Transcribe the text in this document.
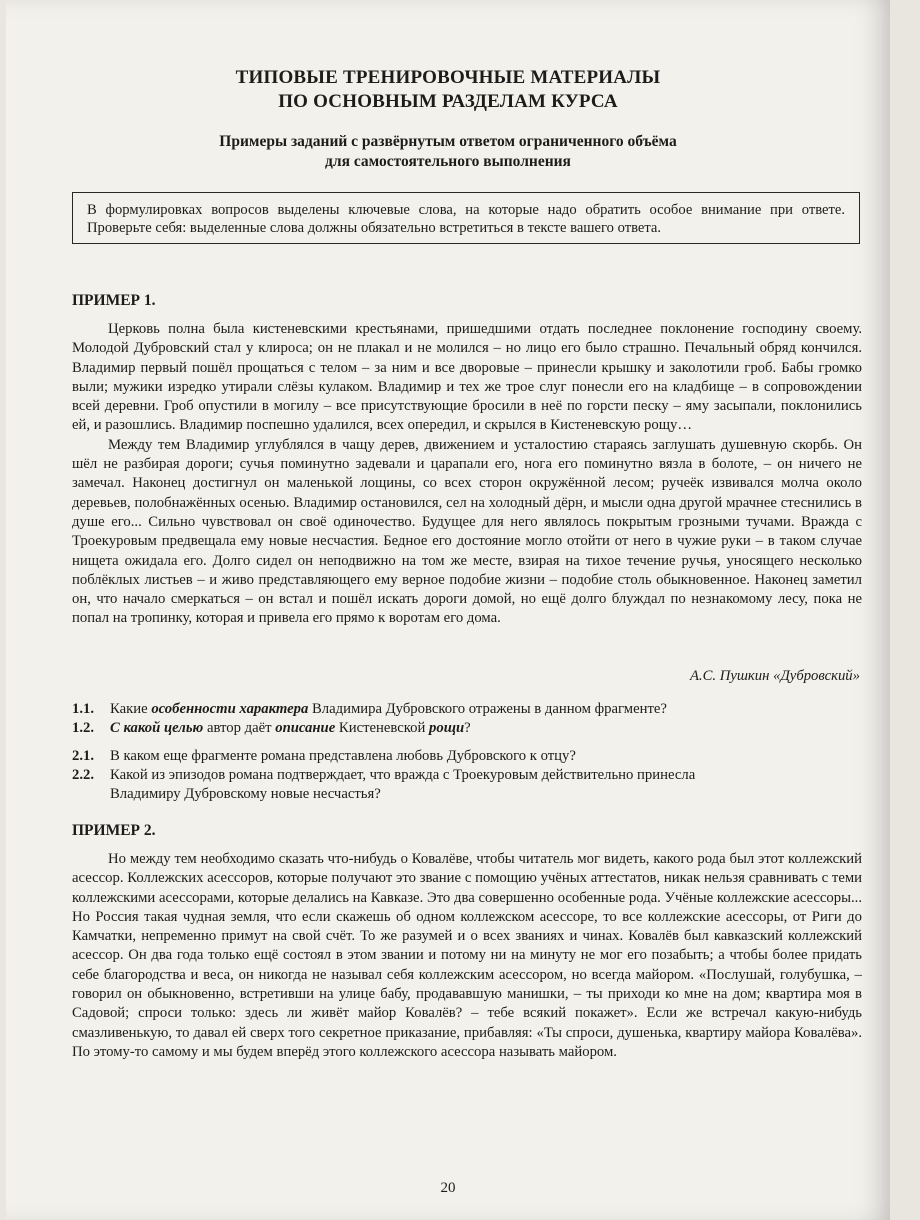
ТИПОВЫЕ ТРЕНИРОВОЧНЫЕ МАТЕРИАЛЫ
ПО ОСНОВНЫМ РАЗДЕЛАМ КУРСА
Примеры заданий с развёрнутым ответом ограниченного объёма
для самостоятельного выполнения
В формулировках вопросов выделены ключевые слова, на которые надо обратить особое внимание при ответе. Проверьте себя: выделенные слова должны обязательно встретиться в тексте вашего ответа.
ПРИМЕР 1.

Церковь полна была кистеневскими крестьянами, пришедшими отдать последнее поклонение господину своему. Молодой Дубровский стал у клироса; он не плакал и не молился – но лицо его было страшно. Печальный обряд кончился. Владимир первый пошёл прощаться с телом – за ним и все дворовые – принесли крышку и заколотили гроб. Бабы громко выли; мужики изредко утирали слёзы кулаком. Владимир и тех же трое слуг понесли его на кладбище – в сопровождении всей деревни. Гроб опустили в могилу – все присутствующие бросили в неё по горсти песку – яму засыпали, поклонились ей, и разошлись. Владимир поспешно удалился, всех опередил, и скрылся в Кистеневскую рощу…

Между тем Владимир углублялся в чащу дерев, движением и усталостию стараясь заглушать душевную скорбь. Он шёл не разбирая дороги; сучья поминутно задевали и царапали его, нога его поминутно вязла в болоте, – он ничего не замечал. Наконец достигнул он маленькой лощины, со всех сторон окружённой лесом; ручеёк извивался молча около деревьев, полобнажённых осенью. Владимир остановился, сел на холодный дёрн, и мысли одна другой мрачнее стеснились в душе его... Сильно чувствовал он своё одиночество. Будущее для него являлось покрытым грозными тучами. Вражда с Троекуровым предвещала ему новые несчастия. Бедное его достояние могло отойти от него в чужие руки – в таком случае нищета ожидала его. Долго сидел он неподвижно на том же месте, взирая на тихое течение ручья, уносящего несколько поблёклых листьев – и живо представляющего ему верное подобие жизни – подобие столь обыкновенное. Наконец заметил он, что начало смеркаться – он встал и пошёл искать дороги домой, но ещё долго блуждал по незнакомому лесу, пока не попал на тропинку, которая и привела его прямо к воротам его дома.

А.С. Пушкин «Дубровский»
1.1. Какие особенности характера Владимира Дубровского отражены в данном фрагменте?
1.2. С какой целью автор даёт описание Кистеневской рощи?
2.1. В каком еще фрагменте романа представлена любовь Дубровского к отцу?
2.2. Какой из эпизодов романа подтверждает, что вражда с Троекуровым действительно принесла
Владимиру Дубровскому новые несчастья?
ПРИМЕР 2.

Но между тем необходимо сказать что-нибудь о Ковалёве, чтобы читатель мог видеть, какого рода был этот коллежский асессор. Коллежских асессоров, которые получают это звание с помощию учёных аттестатов, никак нельзя сравнивать с теми коллежскими асессорами, которые делались на Кавказе. Это два совершенно особенные рода. Учёные коллежские асессоры... Но Россия такая чудная земля, что если скажешь об одном коллежском асессоре, то все коллежские асессоры, от Риги до Камчатки, непременно примут на свой счёт. То же разумей и о всех званиях и чинах. Ковалёв был кавказский коллежский асессор. Он два года только ещё состоял в этом звании и потому ни на минуту не мог его позабыть; а чтобы более придать себе благородства и веса, он никогда не называл себя коллежским асессором, но всегда майором. «Послушай, голубушка, – говорил он обыкновенно, встретивши на улице бабу, продававшую манишки, – ты приходи ко мне на дом; квартира моя в Садовой; спроси только: здесь ли живёт майор Ковалёв? – тебе всякий покажет». Если же встречал какую-нибудь смазливенькую, то давал ей сверх того секретное приказание, прибавляя: «Ты спроси, душенька, квартиру майора Ковалёва». По этому-то самому и мы будем вперёд этого коллежского асессора называть майором.

20
